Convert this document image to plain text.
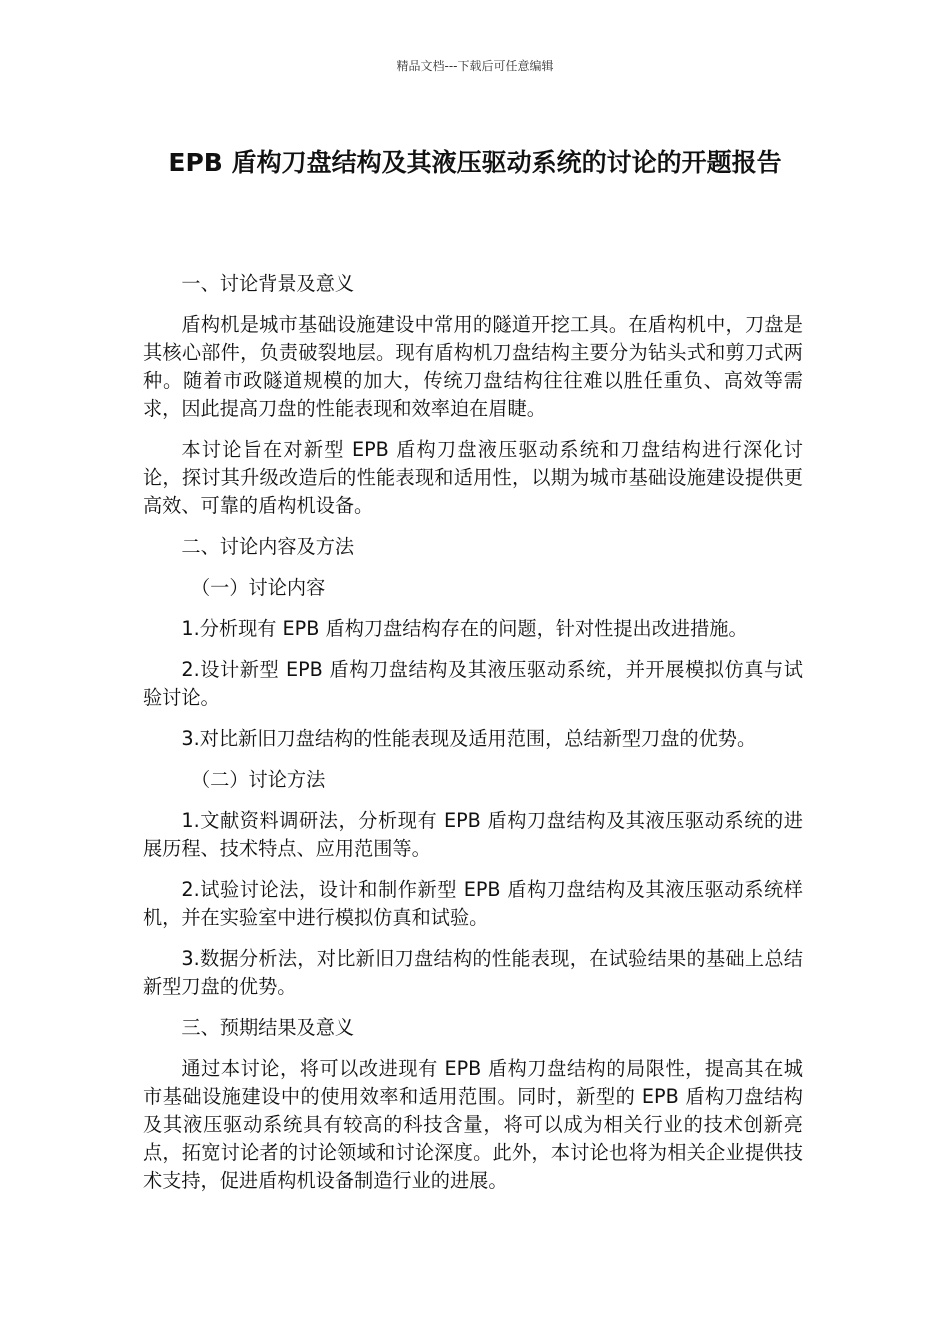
精品文档---下载后可任意编辑
EPB 盾构刀盘结构及其液压驱动系统的讨论的开题报告

一、讨论背景及意义

盾构机是城市基础设施建设中常用的隧道开挖工具。在盾构机中，刀盘是其核心部件，负责破裂地层。现有盾构机刀盘结构主要分为钻头式和剪刀式两种。随着市政隧道规模的加大，传统刀盘结构往往难以胜任重负、高效等需求，因此提高刀盘的性能表现和效率迫在眉睫。

本讨论旨在对新型 EPB 盾构刀盘液压驱动系统和刀盘结构进行深化讨论，探讨其升级改造后的性能表现和适用性，以期为城市基础设施建设提供更高效、可靠的盾构机设备。

二、讨论内容及方法

（一）讨论内容

1.分析现有 EPB 盾构刀盘结构存在的问题，针对性提出改进措施。

2.设计新型 EPB 盾构刀盘结构及其液压驱动系统，并开展模拟仿真与试验讨论。

3.对比新旧刀盘结构的性能表现及适用范围，总结新型刀盘的优势。

（二）讨论方法

1.文献资料调研法，分析现有 EPB 盾构刀盘结构及其液压驱动系统的进展历程、技术特点、应用范围等。

2.试验讨论法，设计和制作新型 EPB 盾构刀盘结构及其液压驱动系统样机，并在实验室中进行模拟仿真和试验。

3.数据分析法，对比新旧刀盘结构的性能表现，在试验结果的基础上总结新型刀盘的优势。

三、预期结果及意义

通过本讨论，将可以改进现有 EPB 盾构刀盘结构的局限性，提高其在城市基础设施建设中的使用效率和适用范围。同时，新型的 EPB 盾构刀盘结构及其液压驱动系统具有较高的科技含量，将可以成为相关行业的技术创新亮点，拓宽讨论者的讨论领域和讨论深度。此外，本讨论也将为相关企业提供技术支持，促进盾构机设备制造行业的进展。
